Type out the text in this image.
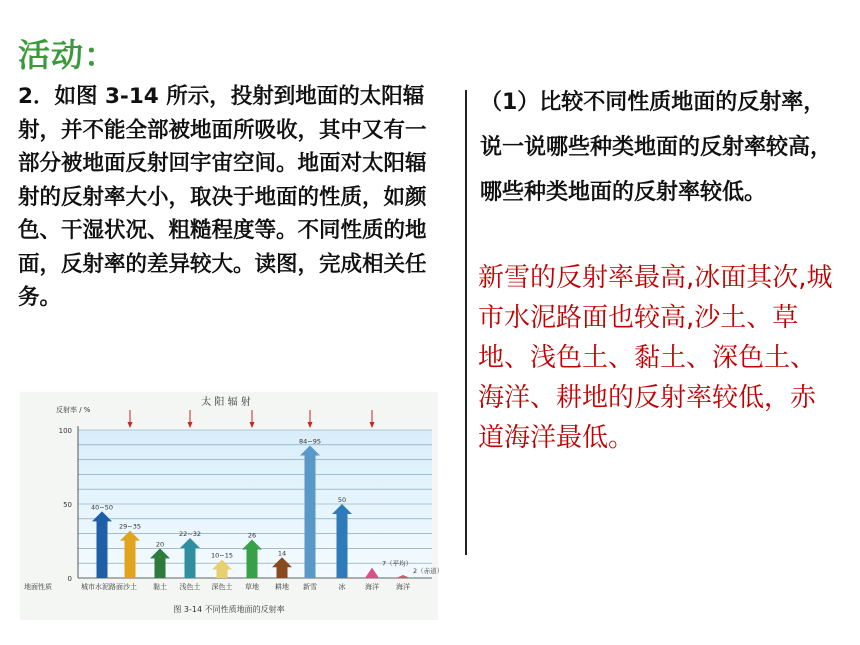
活动：

2．如图 3-14 所示，投射到地面的太阳辐射，并不能全部被地面所吸收，其中又有一部分被地面反射回宇宙空间。地面对太阳辐射的反射率大小，取决于地面的性质，如颜色、干湿状况、粗糙程度等。不同性质的地面，反射率的差异较大。读图，完成相关任务。

（1）比较不同性质地面的反射率，说一说哪些种类地面的反射率较高，哪些种类地面的反射率较低。
新雪的反射率最高,冰面其次,城市水泥路面也较高,沙土、草地、浅色土、黏土、深色土、海洋、耕地的反射率较低，赤道海洋最低。
0
50
100
反射率 / %
地面性质
太 阳 辐 射
40~50
城市水泥路面
29~35
沙土
20
黏土
22~32
浅色土
10~15
深色土
26
草地
14
耕地
84~95
新雪
50
冰
7（平均）
海洋
2（赤道）
海洋
图 3-14 不同性质地面的反射率
